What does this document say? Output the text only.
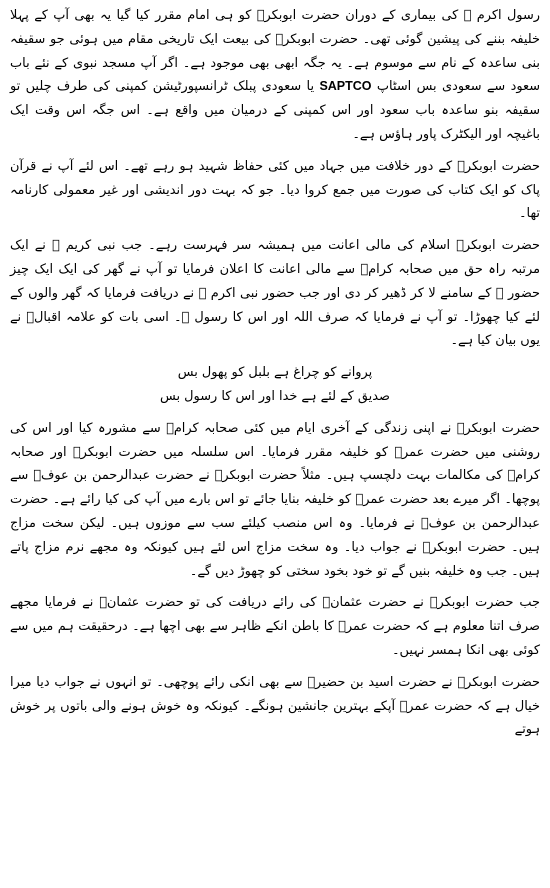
رسول اکرم ﷺ کی بیماری کے دوران حضرت ابوبکرؓ کو ہی امام مقرر کیا گیا یہ بھی آپ کے پہلا خلیفہ بننے کی پیشین گوئی تھی۔ حضرت ابوبکرؓ کی بیعت ایک تاریخی مقام میں ہوئی جو سقیفہ بنی ساعدہ کے نام سے موسوم ہے۔ یہ جگہ ابھی بھی موجود ہے۔ اگر آپ مسجد نبوی کے نئے باب سعود سے سعودی بس اسٹاپ SAPTCO یا سعودی پبلک ٹرانسپورٹیشن کمپنی کی طرف چلیں تو سقیفہ بنو ساعدہ باب سعود اور اس کمپنی کے درمیان میں واقع ہے۔ اس جگہ اس وقت ایک باغیچہ اور الیکٹرک پاور ہاؤس ہے۔

حضرت ابوبکرؓ کے دور خلافت میں جہاد میں کئی حفاظ شہید ہو رہے تھے۔ اس لئے آپ نے قرآن پاک کو ایک کتاب کی صورت میں جمع کروا دیا۔ جو کہ بہت دور اندیشی اور غیر معمولی کارنامہ تھا۔

حضرت ابوبکرؓ اسلام کی مالی اعانت میں ہمیشہ سر فہرست رہے۔ جب نبی کریم ﷺ نے ایک مرتبہ راہ حق میں صحابہ کرامؓ سے مالی اعانت کا اعلان فرمایا تو آپ نے گھر کی ایک ایک چیز حضور ﷺ کے سامنے لا کر ڈھیر کر دی اور جب حضور نبی اکرم ﷺ نے دریافت فرمایا کہ گھر والوں کے لئے کیا چھوڑا۔ تو آپ نے فرمایا کہ صرف اللہ اور اس کا رسول ﷺ۔ اسی بات کو علامہ اقبالؒ نے یوں بیان کیا ہے۔

پروانے کو چراغ ہے بلبل کو پھول بس
صدیق کے لئے ہے خدا اور اس کا رسول بس

حضرت ابوبکرؓ نے اپنی زندگی کے آخری ایام میں کئی صحابہ کرامؓ سے مشورہ کیا اور اس کی روشنی میں حضرت عمرؓ کو خلیفہ مقرر فرمایا۔ اس سلسلہ میں حضرت ابوبکرؓ اور صحابہ کرامؓ کی مکالمات بہت دلچسپ ہیں۔ مثلاً حضرت ابوبکرؓ نے حضرت عبدالرحمن بن عوفؓ سے پوچھا۔ اگر میرے بعد حضرت عمرؓ کو خلیفہ بنایا جائے تو اس بارے میں آپ کی کیا رائے ہے۔ حضرت عبدالرحمن بن عوفؓ نے فرمایا۔ وہ اس منصب کیلئے سب سے موزوں ہیں۔ لیکن سخت مزاج ہیں۔ حضرت ابوبکرؓ نے جواب دیا۔ وہ سخت مزاج اس لئے ہیں کیونکہ وہ مجھے نرم مزاج پاتے ہیں۔ جب وہ خلیفہ بنیں گے تو خود بخود سختی کو چھوڑ دیں گے۔

جب حضرت ابوبکرؓ نے حضرت عثمانؓ کی رائے دریافت کی تو حضرت عثمانؓ نے فرمایا مجھے صرف اتنا معلوم ہے کہ حضرت عمرؓ کا باطن انکے ظاہر سے بھی اچھا ہے۔ درحقیقت ہم میں سے کوئی بھی انکا ہمسر نہیں۔

حضرت ابوبکرؓ نے حضرت اسید بن حضیرؓ سے بھی انکی رائے پوچھی۔ تو انہوں نے جواب دیا میرا خیال ہے کہ حضرت عمرؓ آپکے بہترین جانشین ہونگے۔ کیونکہ وہ خوش ہونے والی باتوں پر خوش ہوتے
